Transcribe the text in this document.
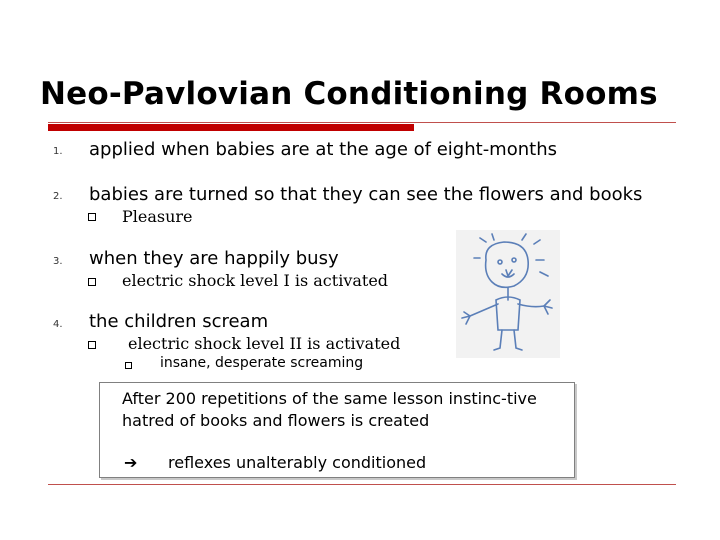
Neo-Pavlovian Conditioning Rooms
1. applied when babies are at the age of eight-months
2. babies are turned so that they can see the flowers and books
Pleasure
3. when they are happily busy
electric shock level I is activated
4. the children scream
electric shock level II is activated
insane, desperate screaming
After 200 repetitions of the same lesson instinc-tive hatred of books and flowers is created
➔ reflexes unalterably conditioned
